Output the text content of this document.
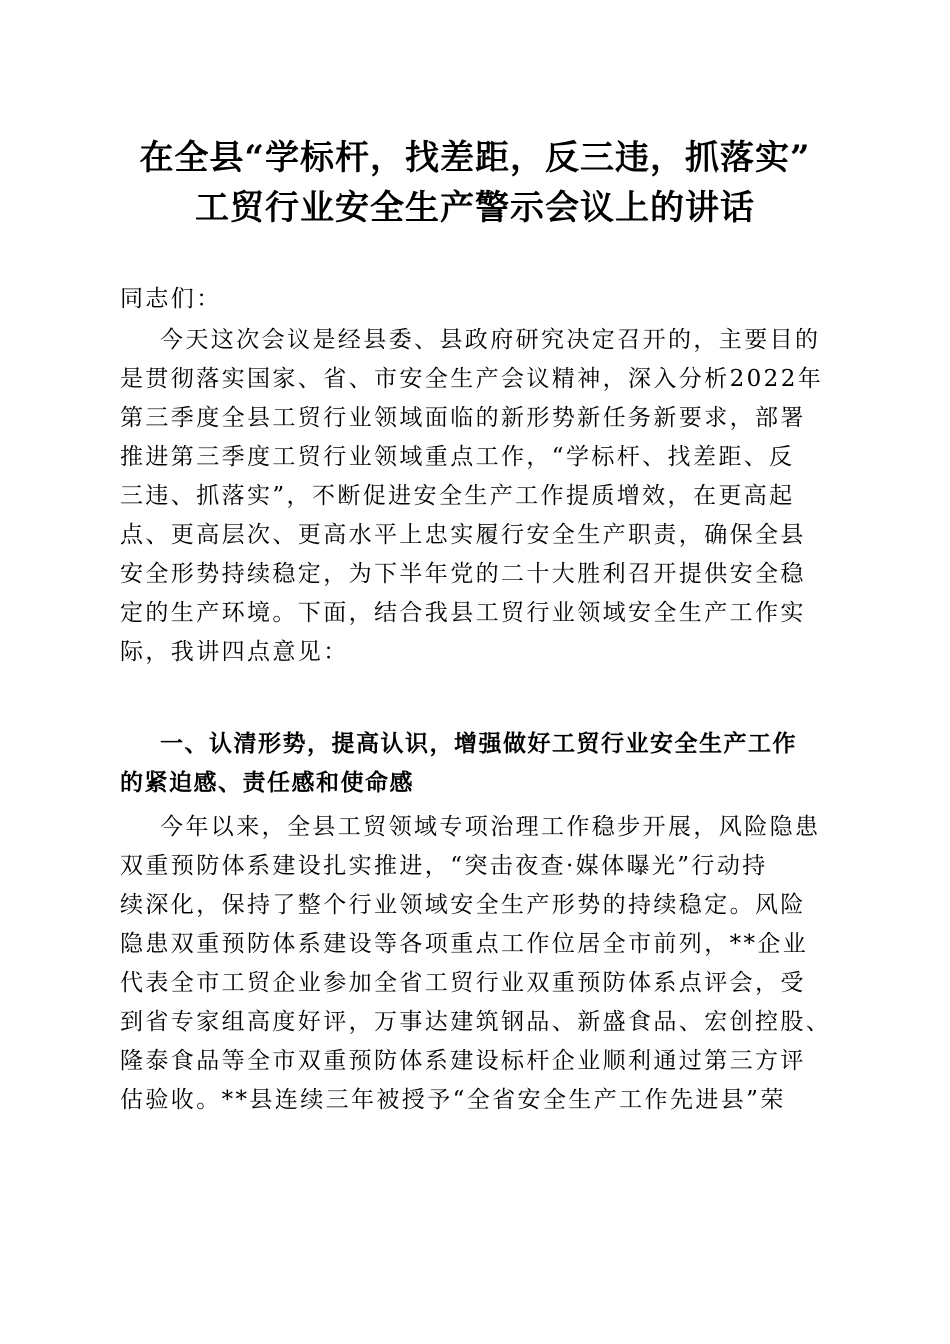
在全县“学标杆，找差距，反三违，抓落实”
工贸行业安全生产警示会议上的讲话
同志们：
今天这次会议是经县委、县政府研究决定召开的，主要目的
是贯彻落实国家、省、市安全生产会议精神，深入分析2022年
第三季度全县工贸行业领域面临的新形势新任务新要求，部署
推进第三季度工贸行业领域重点工作，“学标杆、找差距、反
三违、抓落实”，不断促进安全生产工作提质增效，在更高起
点、更高层次、更高水平上忠实履行安全生产职责，确保全县
安全形势持续稳定，为下半年党的二十大胜利召开提供安全稳
定的生产环境。下面，结合我县工贸行业领域安全生产工作实
际，我讲四点意见：
一、认清形势，提高认识，增强做好工贸行业安全生产工作
的紧迫感、责任感和使命感
今年以来，全县工贸领域专项治理工作稳步开展，风险隐患
双重预防体系建设扎实推进，“突击夜查·媒体曝光”行动持
续深化，保持了整个行业领域安全生产形势的持续稳定。风险
隐患双重预防体系建设等各项重点工作位居全市前列，**企业
代表全市工贸企业参加全省工贸行业双重预防体系点评会，受
到省专家组高度好评，万事达建筑钢品、新盛食品、宏创控股、
隆泰食品等全市双重预防体系建设标杆企业顺利通过第三方评
估验收。**县连续三年被授予“全省安全生产工作先进县”荣
